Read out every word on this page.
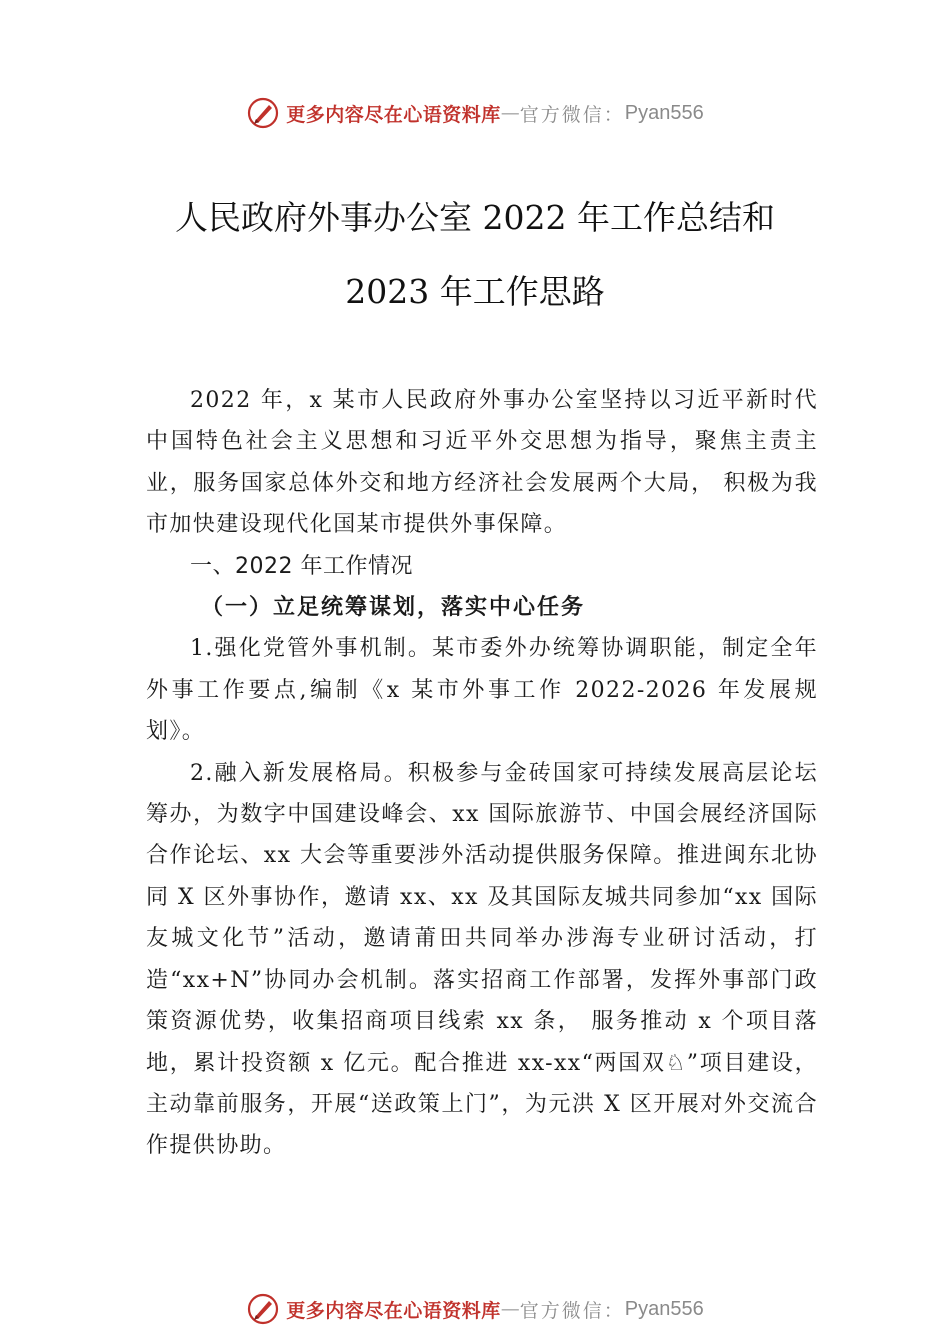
更多内容尽在心语资料库 — 官方微信： Pyan556
人民政府外事办公室 2022 年工作总结和
2023 年工作思路

2022 年，x 某市人民政府外事办公室坚持以习近平新时代中国特色社会主义思想和习近平外交思想为指导，聚焦主责主业，服务国家总体外交和地方经济社会发展两个大局， 积极为我市加快建设现代化国某市提供外事保障。

一、2022 年工作情况

（一）立足统筹谋划，落实中心任务

1.强化党管外事机制。某市委外办统筹协调职能，制定全年外事工作要点,编制《x 某市外事工作 2022-2026 年发展规划》。

2.融入新发展格局。积极参与金砖国家可持续发展高层论坛筹办，为数字中国建设峰会、xx 国际旅游节、中国会展经济国际合作论坛、xx 大会等重要涉外活动提供服务保障。推进闽东北协同 X 区外事协作，邀请 xx、xx 及其国际友城共同参加“xx 国际友城文化节”活动，邀请莆田共同举办涉海专业研讨活动，打造“xx+N”协同办会机制。落实招商工作部署，发挥外事部门政策资源优势，收集招商项目线索 xx 条， 服务推动 x 个项目落地，累计投资额 x 亿元。配合推进 xx-xx“两国双♘”项目建设，主动靠前服务，开展“送政策上门”，为元洪 X 区开展对外交流合作提供协助。

更多内容尽在心语资料库 — 官方微信： Pyan556
